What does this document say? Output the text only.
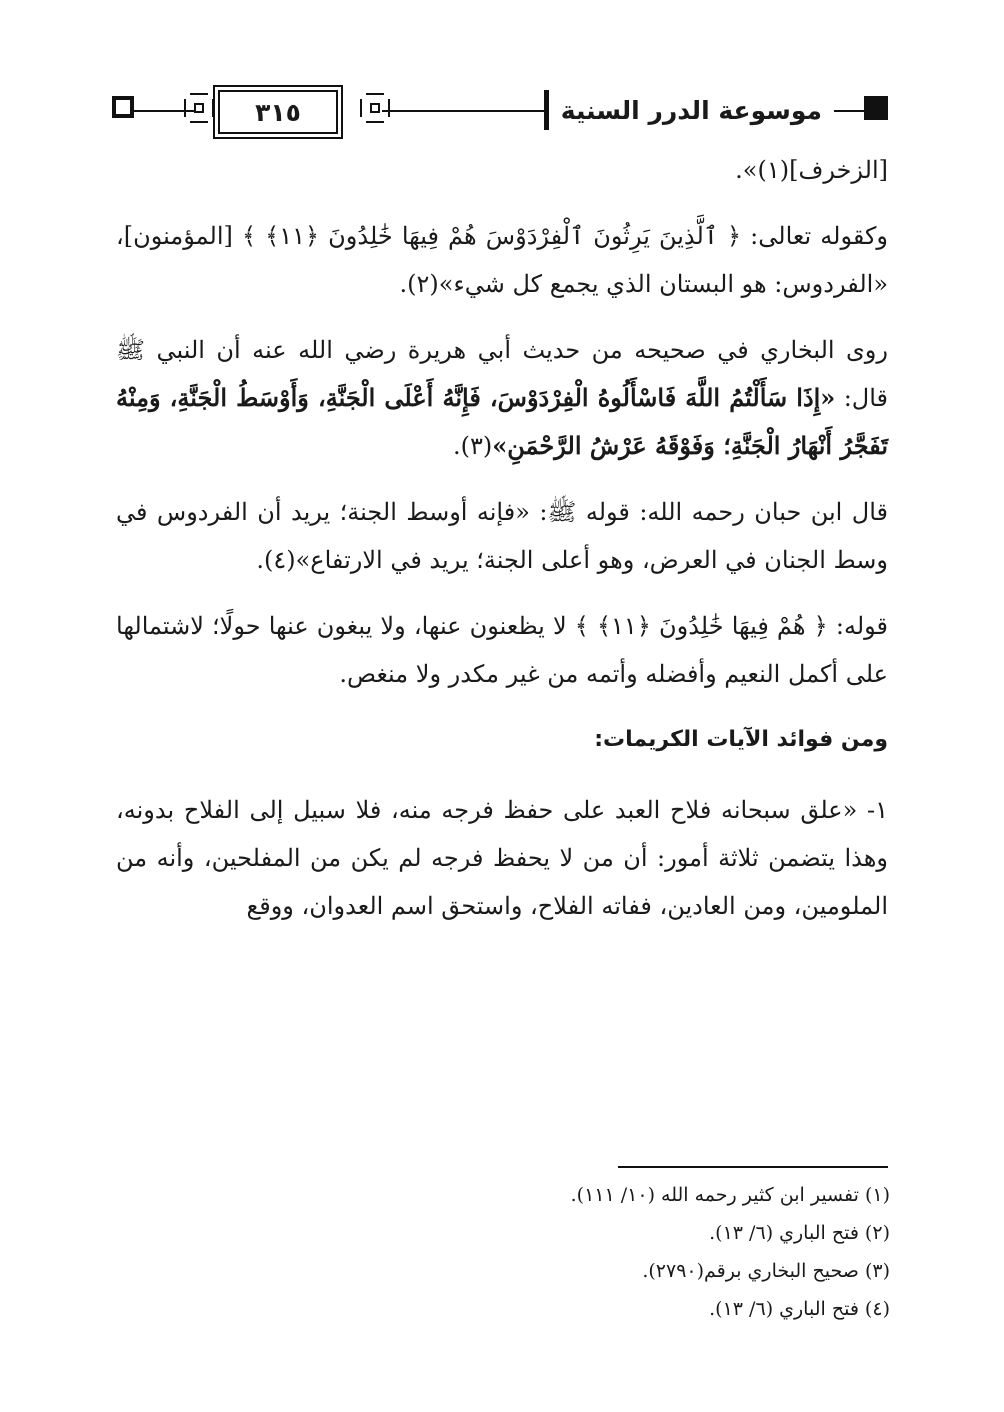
٣١٥	موسوعة الدرر السنية

[الزخرف](١)».

وكقوله تعالى: ﴿ ٱلَّذِينَ يَرِثُونَ ٱلْفِرْدَوْسَ هُمْ فِيهَا خَٰلِدُونَ ﴿١١﴾ ﴾ [المؤمنون]، «الفردوس: هو البستان الذي يجمع كل شيء»(٢).

روى البخاري في صحيحه من حديث أبي هريرة رضي الله عنه أن النبي ﷺ قال: «إِذَا سَأَلْتُمُ اللَّهَ فَاسْأَلُوهُ الْفِرْدَوْسَ، فَإِنَّهُ أَعْلَى الْجَنَّةِ، وَأَوْسَطُ الْجَنَّةِ، وَمِنْهُ تَفَجَّرُ أَنْهَارُ الْجَنَّةِ؛ وَفَوْقَهُ عَرْشُ الرَّحْمَنِ»(٣).

قال ابن حبان رحمه الله: قوله ﷺ: «فإنه أوسط الجنة؛ يريد أن الفردوس في وسط الجنان في العرض، وهو أعلى الجنة؛ يريد في الارتفاع»(٤).

قوله: ﴿ هُمْ فِيهَا خَٰلِدُونَ ﴿١١﴾ ﴾ لا يظعنون عنها، ولا يبغون عنها حولًا؛ لاشتمالها على أكمل النعيم وأفضله وأتمه من غير مكدر ولا منغص.

ومن فوائد الآيات الكريمات:

١- «علق سبحانه فلاح العبد على حفظ فرجه منه، فلا سبيل إلى الفلاح بدونه، وهذا يتضمن ثلاثة أمور: أن من لا يحفظ فرجه لم يكن من المفلحين، وأنه من الملومين، ومن العادين، ففاته الفلاح، واستحق اسم العدوان، ووقع

(١) تفسير ابن كثير رحمه الله (١٠/ ١١١).
(٢) فتح الباري (٦/ ١٣).
(٣) صحيح البخاري برقم(٢٧٩٠).
(٤) فتح الباري (٦/ ١٣).
